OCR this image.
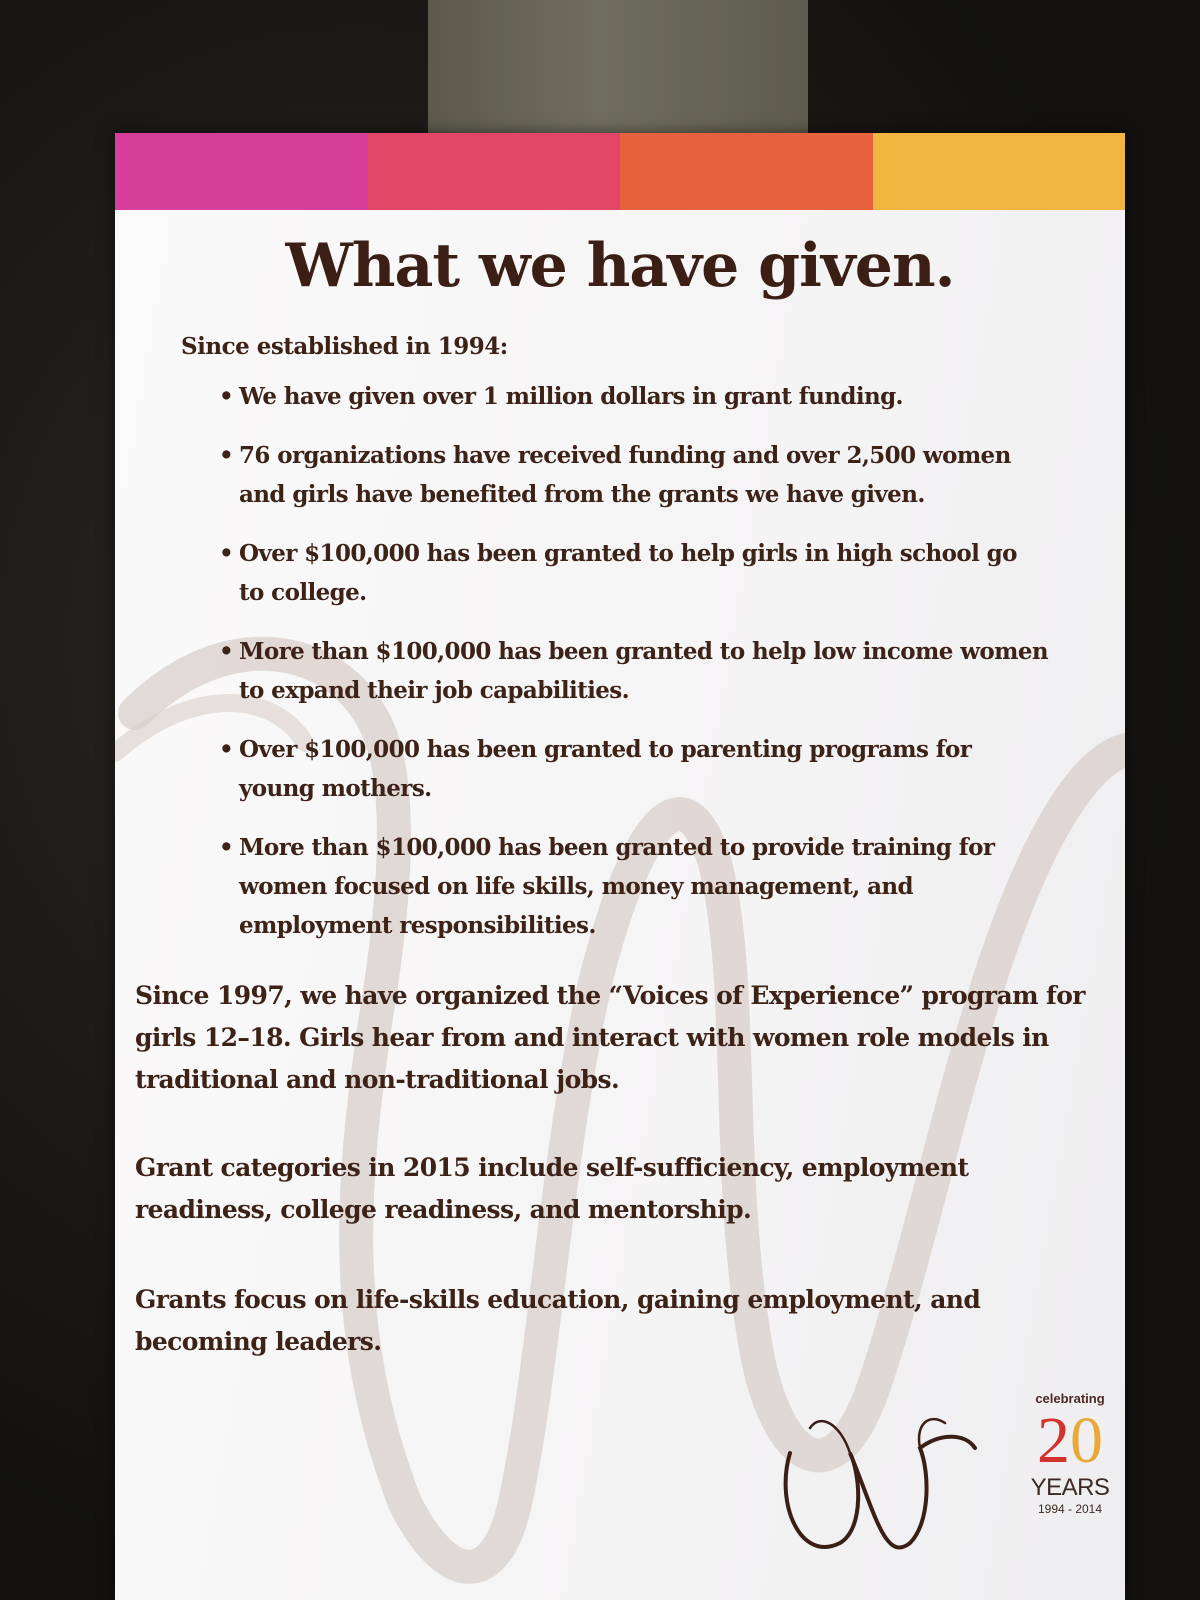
What we have given.
Since established in 1994:
• We have given over 1 million dollars in grant funding.
• 76 organizations have received funding and over 2,500 women and girls have benefited from the grants we have given.
• Over $100,000 has been granted to help girls in high school go to college.
• More than $100,000 has been granted to help low income women to expand their job capabilities.
• Over $100,000 has been granted to parenting programs for young mothers.
• More than $100,000 has been granted to provide training for women focused on life skills, money management, and employment responsibilities.
Since 1997, we have organized the “Voices of Experience” program for girls 12–18. Girls hear from and interact with women role models in traditional and non-traditional jobs.
Grant categories in 2015 include self-sufficiency, employment readiness, college readiness, and mentorship.
Grants focus on life-skills education, gaining employment, and becoming leaders.
celebrating
20
YEARS
1994 - 2014
